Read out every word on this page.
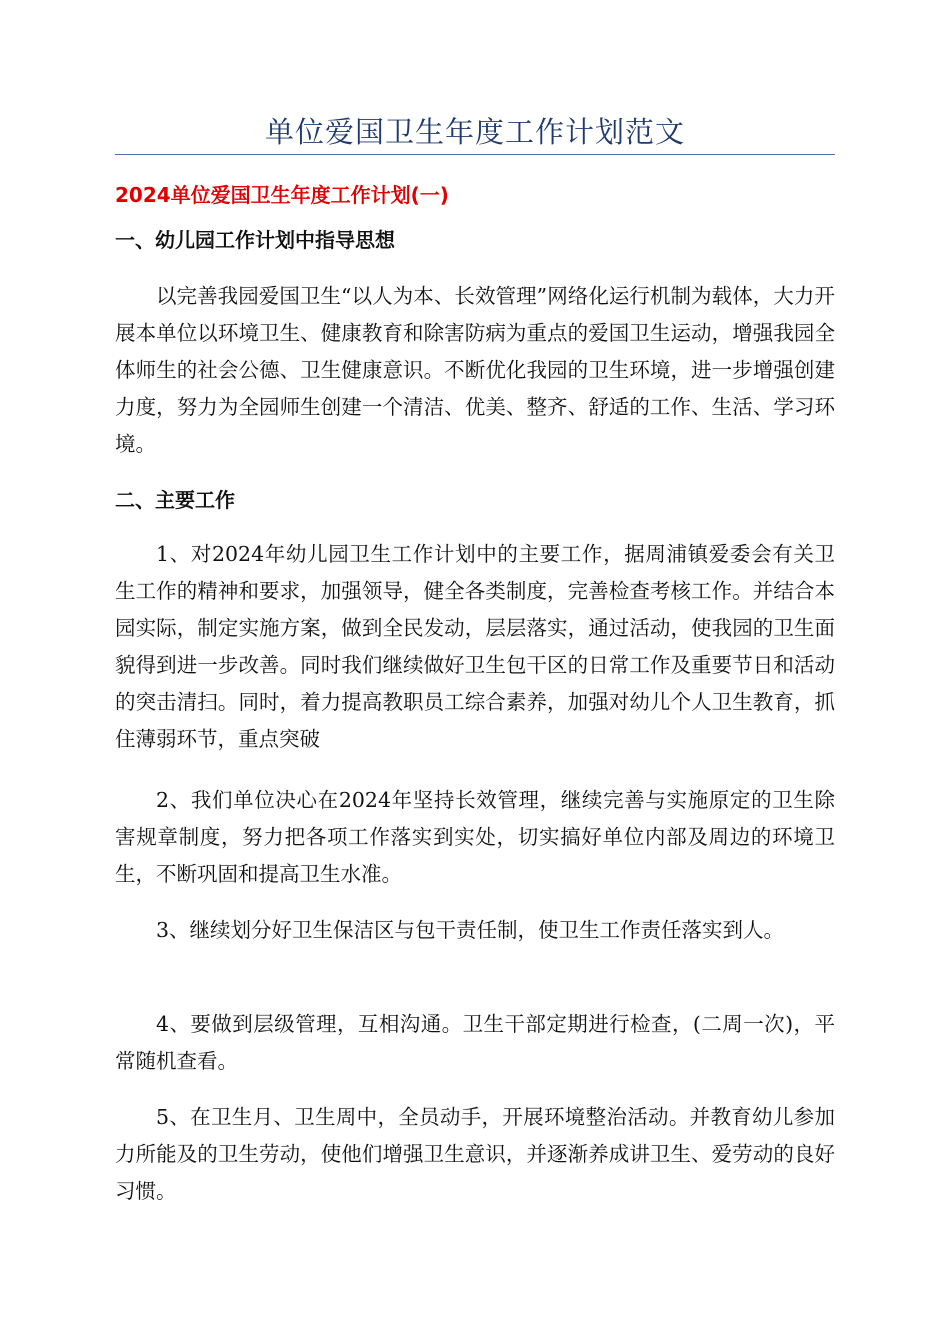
单位爱国卫生年度工作计划范文
2024单位爱国卫生年度工作计划(一)
一、幼儿园工作计划中指导思想

以完善我园爱国卫生“以人为本、长效管理”网络化运行机制为载体，大力开展本单位以环境卫生、健康教育和除害防病为重点的爱国卫生运动，增强我园全体师生的社会公德、卫生健康意识。不断优化我园的卫生环境，进一步增强创建力度，努力为全园师生创建一个清洁、优美、整齐、舒适的工作、生活、学习环境。

二、主要工作

1、对2024年幼儿园卫生工作计划中的主要工作，据周浦镇爱委会有关卫生工作的精神和要求，加强领导，健全各类制度，完善检查考核工作。并结合本园实际，制定实施方案，做到全民发动，层层落实，通过活动，使我园的卫生面貌得到进一步改善。同时我们继续做好卫生包干区的日常工作及重要节日和活动的突击清扫。同时，着力提高教职员工综合素养，加强对幼儿个人卫生教育，抓住薄弱环节，重点突破

2、我们单位决心在2024年坚持长效管理，继续完善与实施原定的卫生除害规章制度，努力把各项工作落实到实处，切实搞好单位内部及周边的环境卫生，不断巩固和提高卫生水准。

3、继续划分好卫生保洁区与包干责任制，使卫生工作责任落实到人。

4、要做到层级管理，互相沟通。卫生干部定期进行检查，(二周一次)，平常随机查看。

5、在卫生月、卫生周中，全员动手，开展环境整治活动。并教育幼儿参加力所能及的卫生劳动，使他们增强卫生意识，并逐渐养成讲卫生、爱劳动的良好习惯。
